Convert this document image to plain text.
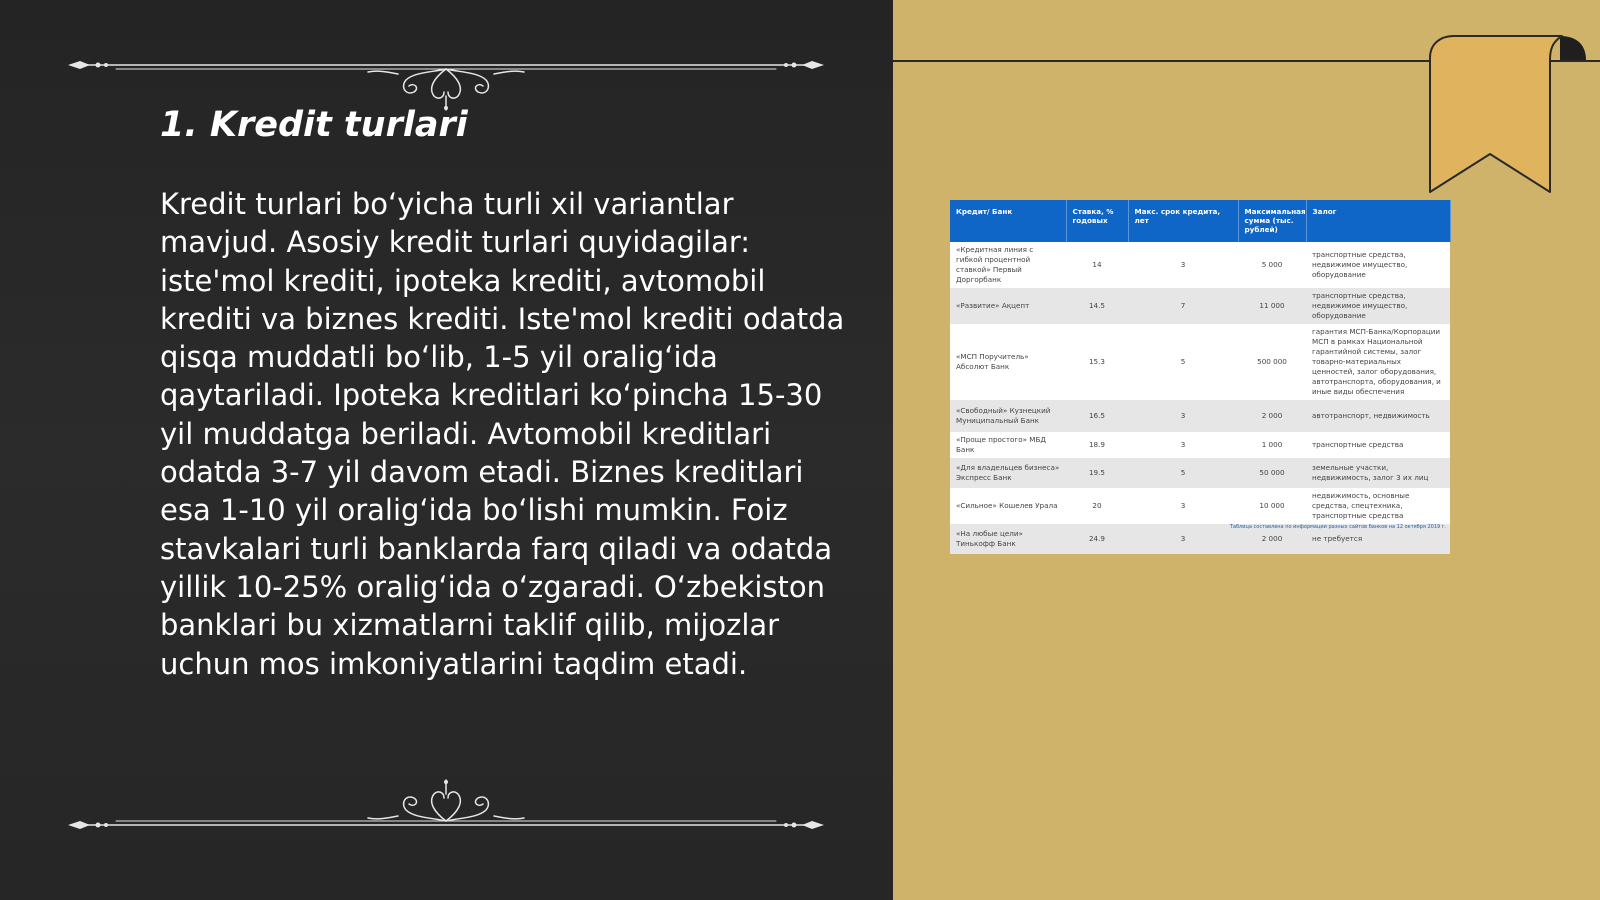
1. Kredit turlari

Kredit turlari bo‘yicha turli xil variantlar mavjud. Asosiy kredit turlari quyidagilar: iste'mol krediti, ipoteka krediti, avtomobil krediti va biznes krediti. Iste'mol krediti odatda qisqa muddatli bo‘lib, 1-5 yil oralig‘ida qaytariladi. Ipoteka kreditlari ko‘pincha 15-30 yil muddatga beriladi. Avtomobil kreditlari odatda 3-7 yil davom etadi. Biznes kreditlari esa 1-10 yil oralig‘ida bo‘lishi mumkin. Foiz stavkalari turli banklarda farq qiladi va odatda yillik 10-25% oralig‘ida o‘zgaradi. O‘zbekiston banklari bu xizmatlarni taklif qilib, mijozlar uchun mos imkoniyatlarini taqdim etadi.

Кредит/ Банк	Ставка, % годовых	Макс. срок кредита, лет	Максимальная сумма (тыс. рублей)	Залог
«Кредитная линия с гибкой процентной ставкой» Первый Доргорбанк	14	3	5 000	транспортные средства, недвижимое имущество, оборудование
«Развитие» Ақцепт	14.5	7	11 000	транспортные средства, недвижимое имущество, оборудование
«МСП Поручитель» Абсолют Банк	15.3	5	500 000	гарантия МСП-Банка/Корпорации МСП в рамках Национальной гарантийной системы, залог товарно-материальных ценностей, залог оборудования, автотранспорта, оборудования, и иные виды обеспечения
«Свободный» Кузнецкий Муниципальный Банк	16.5	3	2 000	автотранспорт, недвижимость
«Проще простого» МБД Банк	18.9	3	1 000	транспортные средства
«Для владельцев бизнеса» Экспресс Банк	19.5	5	50 000	земельные участки, недвижимость, залог 3 их лиц
«Сильное» Кошелев Урала	20	3	10 000	недвижимость, основные средства, спецтехника, транспортные средства
«На любые цели» Тинькофф Банк	24.9	3	2 000	не требуется
Таблица составлена по информации разных сайтов банков на 12 октября 2019 г.
